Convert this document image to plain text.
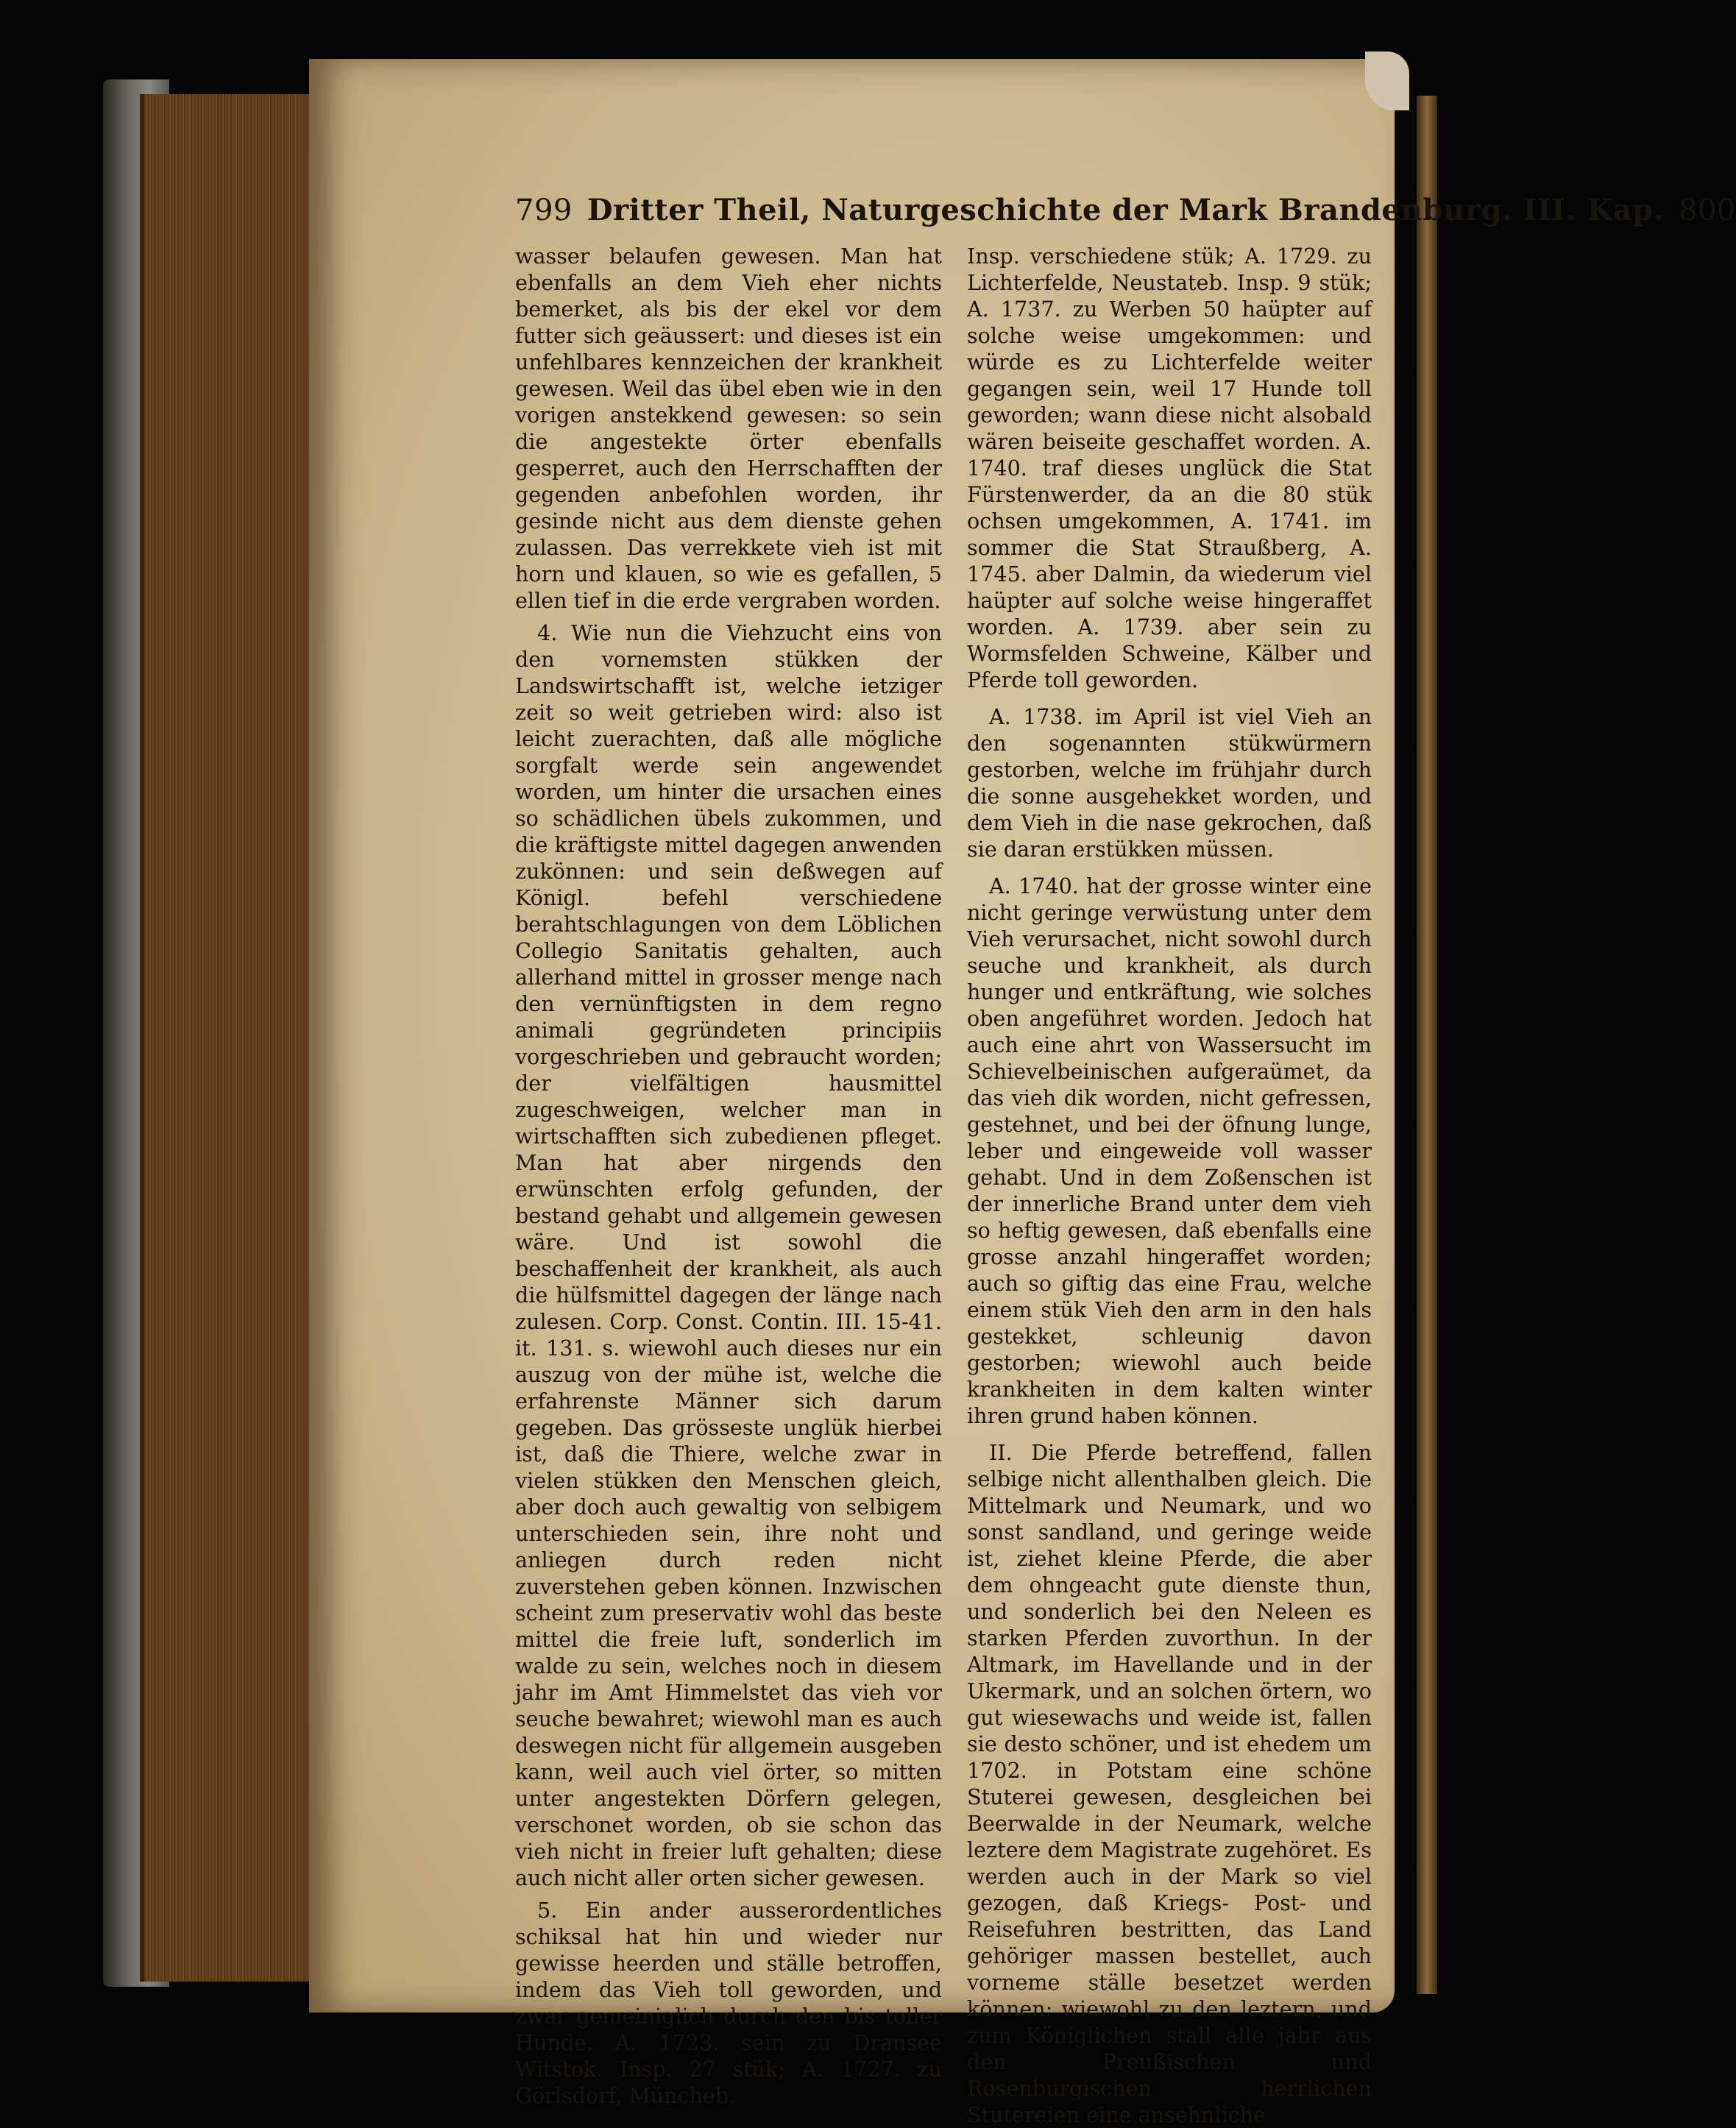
799 Dritter Theil, Naturgeschichte der Mark Brandenburg. III. Kap. 800

wasser belaufen gewesen. Man hat ebenfalls an dem Vieh eher nichts bemerket, als bis der ekel vor dem futter sich geäussert: und dieses ist ein unfehlbares kennzeichen der krankheit gewesen. Weil das übel eben wie in den vorigen anstekkend gewesen: so sein die angestekte örter ebenfalls gesperret, auch den Herrschafften der gegenden anbefohlen worden, ihr gesinde nicht aus dem dienste gehen zulassen. Das verrekkete vieh ist mit horn und klauen, so wie es gefallen, 5 ellen tief in die erde vergraben worden.

4. Wie nun die Viehzucht eins von den vornemsten stükken der Landswirtschafft ist, welche ietziger zeit so weit getrieben wird: also ist leicht zuerachten, daß alle mögliche sorgfalt werde sein angewendet worden, um hinter die ursachen eines so schädlichen übels zukommen, und die kräftigste mittel dagegen anwenden zukönnen: und sein deßwegen auf Königl. befehl verschiedene berahtschlagungen von dem Löblichen Collegio Sanitatis gehalten, auch allerhand mittel in grosser menge nach den vernünftigsten in dem regno animali gegründeten principiis vorgeschrieben und gebraucht worden; der vielfältigen hausmittel zugeschweigen, welcher man in wirtschafften sich zubedienen pfleget. Man hat aber nirgends den erwünschten erfolg gefunden, der bestand gehabt und allgemein gewesen wäre. Und ist sowohl die beschaffenheit der krankheit, als auch die hülfsmittel dagegen der länge nach zulesen. Corp. Const. Contin. III. 15-41. it. 131. s. wiewohl auch dieses nur ein auszug von der mühe ist, welche die erfahrenste Männer sich darum gegeben. Das grösseste unglük hierbei ist, daß die Thiere, welche zwar in vielen stükken den Menschen gleich, aber doch auch gewaltig von selbigem unterschieden sein, ihre noht und anliegen durch reden nicht zuverstehen geben können. Inzwischen scheint zum preservativ wohl das beste mittel die freie luft, sonderlich im walde zu sein, welches noch in diesem jahr im Amt Himmelstet das vieh vor seuche bewahret; wiewohl man es auch deswegen nicht für allgemein ausgeben kann, weil auch viel örter, so mitten unter angestekten Dörfern gelegen, verschonet worden, ob sie schon das vieh nicht in freier luft gehalten; diese auch nicht aller orten sicher gewesen.

5. Ein ander ausserordentliches schiksal hat hin und wieder nur gewisse heerden und ställe betroffen, indem das Vieh toll geworden, und zwar gemeiniglich durch den bis toller Hunde. A. 1723. sein zu Dransee Witstok. Insp. 27 stük; A. 1727. zu Görlsdorf, Müncheb.

Insp. verschiedene stük; A. 1729. zu Lichterfelde, Neustateb. Insp. 9 stük; A. 1737. zu Werben 50 haüpter auf solche weise umgekommen: und würde es zu Lichterfelde weiter gegangen sein, weil 17 Hunde toll geworden; wann diese nicht alsobald wären beiseite geschaffet worden. A. 1740. traf dieses unglück die Stat Fürstenwerder, da an die 80 stük ochsen umgekommen, A. 1741. im sommer die Stat Straußberg, A. 1745. aber Dalmin, da wiederum viel haüpter auf solche weise hingeraffet worden. A. 1739. aber sein zu Wormsfelden Schweine, Kälber und Pferde toll geworden.

A. 1738. im April ist viel Vieh an den sogenannten stükwürmern gestorben, welche im frühjahr durch die sonne ausgehekket worden, und dem Vieh in die nase gekrochen, daß sie daran erstükken müssen.

A. 1740. hat der grosse winter eine nicht geringe verwüstung unter dem Vieh verursachet, nicht sowohl durch seuche und krankheit, als durch hunger und entkräftung, wie solches oben angeführet worden. Jedoch hat auch eine ahrt von Wassersucht im Schievelbeinischen aufgeraümet, da das vieh dik worden, nicht gefressen, gestehnet, und bei der öfnung lunge, leber und eingeweide voll wasser gehabt. Und in dem Zoßenschen ist der innerliche Brand unter dem vieh so heftig gewesen, daß ebenfalls eine grosse anzahl hingeraffet worden; auch so giftig das eine Frau, welche einem stük Vieh den arm in den hals gestekket, schleunig davon gestorben; wiewohl auch beide krankheiten in dem kalten winter ihren grund haben können.

II. Die Pferde betreffend, fallen selbige nicht allenthalben gleich. Die Mittelmark und Neumark, und wo sonst sandland, und geringe weide ist, ziehet kleine Pferde, die aber dem ohngeacht gute dienste thun, und sonderlich bei den Neleen es starken Pferden zuvorthun. In der Altmark, im Havellande und in der Ukermark, und an solchen örtern, wo gut wiesewachs und weide ist, fallen sie desto schöner, und ist ehedem um 1702. in Potstam eine schöne Stuterei gewesen, desgleichen bei Beerwalde in der Neumark, welche leztere dem Magistrate zugehöret. Es werden auch in der Mark so viel gezogen, daß Kriegs- Post- und Reisefuhren bestritten, das Land gehöriger massen bestellet, auch vorneme ställe besetzet werden können: wiewohl zu den leztern, und zum Königlichen stall alle jahr aus den Preußischen und Rosenburgischen herrlichen Stutereien eine ansehnliche
